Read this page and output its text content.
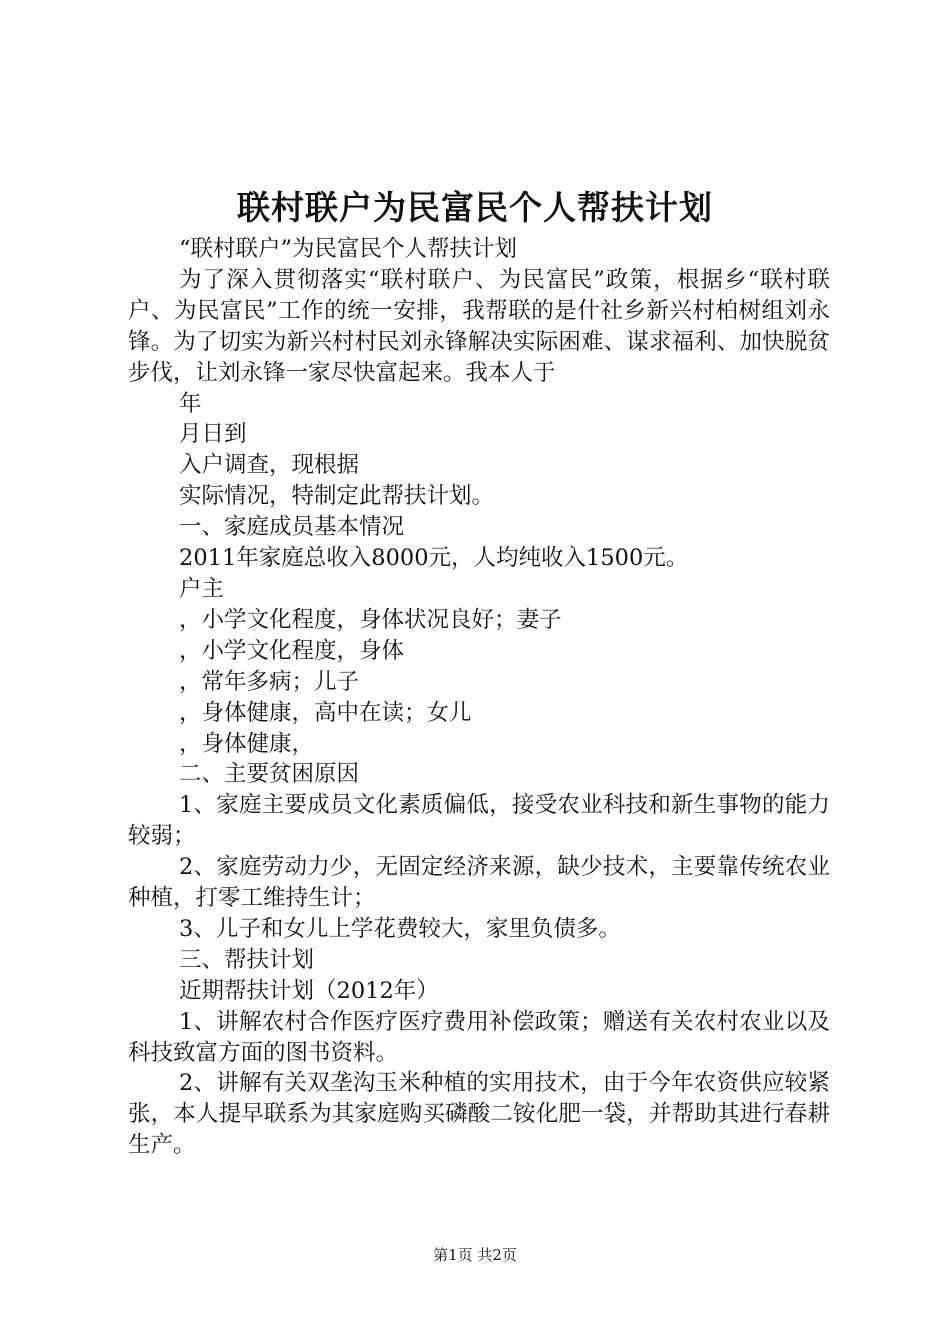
联村联户为民富民个人帮扶计划

“联村联户”为民富民个人帮扶计划

为了深入贯彻落实“联村联户、为民富民”政策，根据乡“联村联户、为民富民”工作的统一安排，我帮联的是什社乡新兴村柏树组刘永锋。为了切实为新兴村村民刘永锋解决实际困难、谋求福利、加快脱贫步伐，让刘永锋一家尽快富起来。我本人于

年

月日到

入户调查，现根据

实际情况，特制定此帮扶计划。

一、家庭成员基本情况

2011年家庭总收入8000元，人均纯收入1500元。

户主

，小学文化程度，身体状况良好；妻子

，小学文化程度，身体

，常年多病；儿子

，身体健康，高中在读；女儿

，身体健康，

二、主要贫困原因

1、家庭主要成员文化素质偏低，接受农业科技和新生事物的能力较弱；

2、家庭劳动力少，无固定经济来源，缺少技术，主要靠传统农业种植，打零工维持生计；

3、儿子和女儿上学花费较大，家里负债多。

三、帮扶计划

近期帮扶计划（2012年）

1、讲解农村合作医疗医疗费用补偿政策；赠送有关农村农业以及科技致富方面的图书资料。

2、讲解有关双垄沟玉米种植的实用技术，由于今年农资供应较紧张，本人提早联系为其家庭购买磷酸二铵化肥一袋，并帮助其进行春耕生产。

第1页 共2页
